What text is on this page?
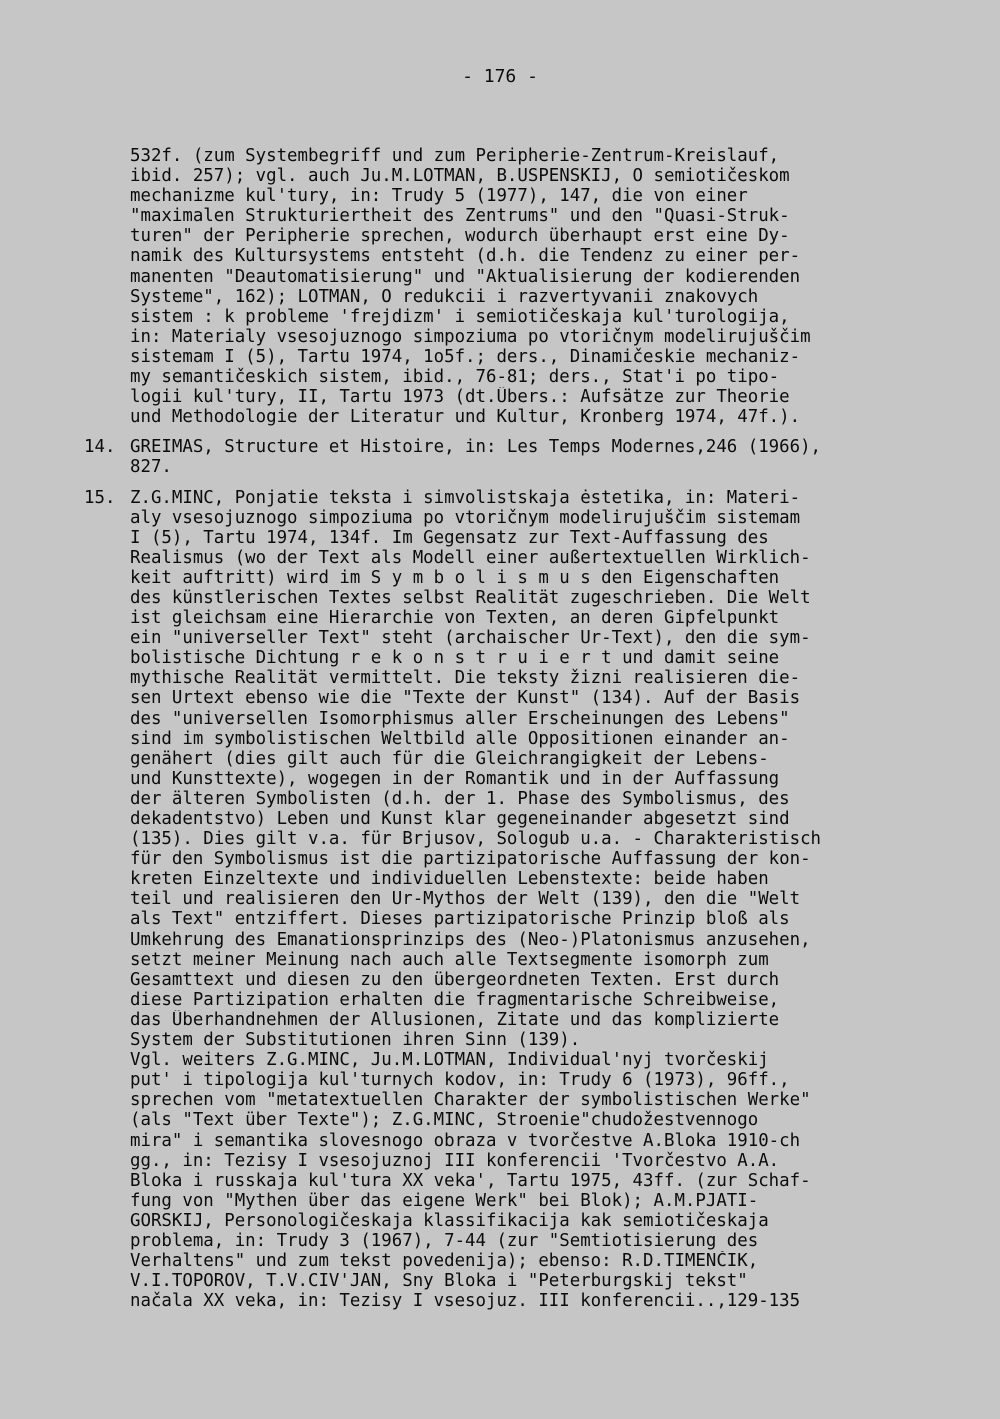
- 176 -
532f. (zum Systembegriff und zum Peripherie-Zentrum-Kreislauf,
ibid. 257); vgl. auch Ju.M.LOTMAN, B.USPENSKIJ, O semiotičeskom
mechanizme kul'tury, in: Trudy 5 (1977), 147, die von einer
"maximalen Strukturiertheit des Zentrums" und den "Quasi-Struk-
turen" der Peripherie sprechen, wodurch überhaupt erst eine Dy-
namik des Kultursystems entsteht (d.h. die Tendenz zu einer per-
manenten "Deautomatisierung" und "Aktualisierung der kodierenden
Systeme", 162); LOTMAN, O redukcii i razvertyvanii znakovych
sistem : k probleme 'frejdizm' i semiotičeskaja kul'turologija,
in: Materialy vsesojuznogo simpoziuma po vtoričnym modelirujuščim
sistemam I (5), Tartu 1974, 1o5f.; ders., Dinamičeskie mechaniz-
my semantičeskich sistem, ibid., 76-81; ders., Stat'i po tipo-
logii kul'tury, II, Tartu 1973 (dt.Übers.: Aufsätze zur Theorie
und Methodologie der Literatur und Kultur, Kronberg 1974, 47f.).
14. GREIMAS, Structure et Histoire, in: Les Temps Modernes,246 (1966),
827.
15. Z.G.MINC, Ponjatie teksta i simvolistskaja ėstetika, in: Materi-
aly vsesojuznogo simpoziuma po vtoričnym modelirujuščim sistemam
I (5), Tartu 1974, 134f. Im Gegensatz zur Text-Auffassung des
Realismus (wo der Text als Modell einer außertextuellen Wirklich-
keit auftritt) wird im S y m b o l i s m u s den Eigenschaften
des künstlerischen Textes selbst Realität zugeschrieben. Die Welt
ist gleichsam eine Hierarchie von Texten, an deren Gipfelpunkt
ein "universeller Text" steht (archaischer Ur-Text), den die sym-
bolistische Dichtung r e k o n s t r u i e r t und damit seine
mythische Realität vermittelt. Die teksty žizni realisieren die-
sen Urtext ebenso wie die "Texte der Kunst" (134). Auf der Basis
des "universellen Isomorphismus aller Erscheinungen des Lebens"
sind im symbolistischen Weltbild alle Oppositionen einander an-
genähert (dies gilt auch für die Gleichrangigkeit der Lebens-
und Kunsttexte), wogegen in der Romantik und in der Auffassung
der älteren Symbolisten (d.h. der 1. Phase des Symbolismus, des
dekadentstvo) Leben und Kunst klar gegeneinander abgesetzt sind
(135). Dies gilt v.a. für Brjusov, Sologub u.a. - Charakteristisch
für den Symbolismus ist die partizipatorische Auffassung der kon-
kreten Einzeltexte und individuellen Lebenstexte: beide haben
teil und realisieren den Ur-Mythos der Welt (139), den die "Welt
als Text" entziffert. Dieses partizipatorische Prinzip bloß als
Umkehrung des Emanationsprinzips des (Neo-)Platonismus anzusehen,
setzt meiner Meinung nach auch alle Textsegmente isomorph zum
Gesamttext und diesen zu den übergeordneten Texten. Erst durch
diese Partizipation erhalten die fragmentarische Schreibweise,
das Überhandnehmen der Allusionen, Zitate und das komplizierte
System der Substitutionen ihren Sinn (139).
Vgl. weiters Z.G.MINC, Ju.M.LOTMAN, Individual'nyj tvorčeskij
put' i tipologija kul'turnych kodov, in: Trudy 6 (1973), 96ff.,
sprechen vom "metatextuellen Charakter der symbolistischen Werke"
(als "Text über Texte"); Z.G.MINC, Stroenie"chudožestvennogo
mira" i semantika slovesnogo obraza v tvorčestve A.Bloka 1910-ch
gg., in: Tezisy I vsesojuznoj III konferencii 'Tvorčestvo A.A.
Bloka i russkaja kul'tura XX veka', Tartu 1975, 43ff. (zur Schaf-
fung von "Mythen über das eigene Werk" bei Blok); A.M.PJATI-
GORSKIJ, Personologičeskaja klassifikacija kak semiotičeskaja
problema, in: Trudy 3 (1967), 7-44 (zur "Semtiotisierung des
Verhaltens" und zum tekst povedenija); ebenso: R.D.TIMENČIK,
V.I.TOPOROV, T.V.CIV'JAN, Sny Bloka i "Peterburgskij tekst"
načala XX veka, in: Tezisy I vsesojuz. III konferencii..,129-135
